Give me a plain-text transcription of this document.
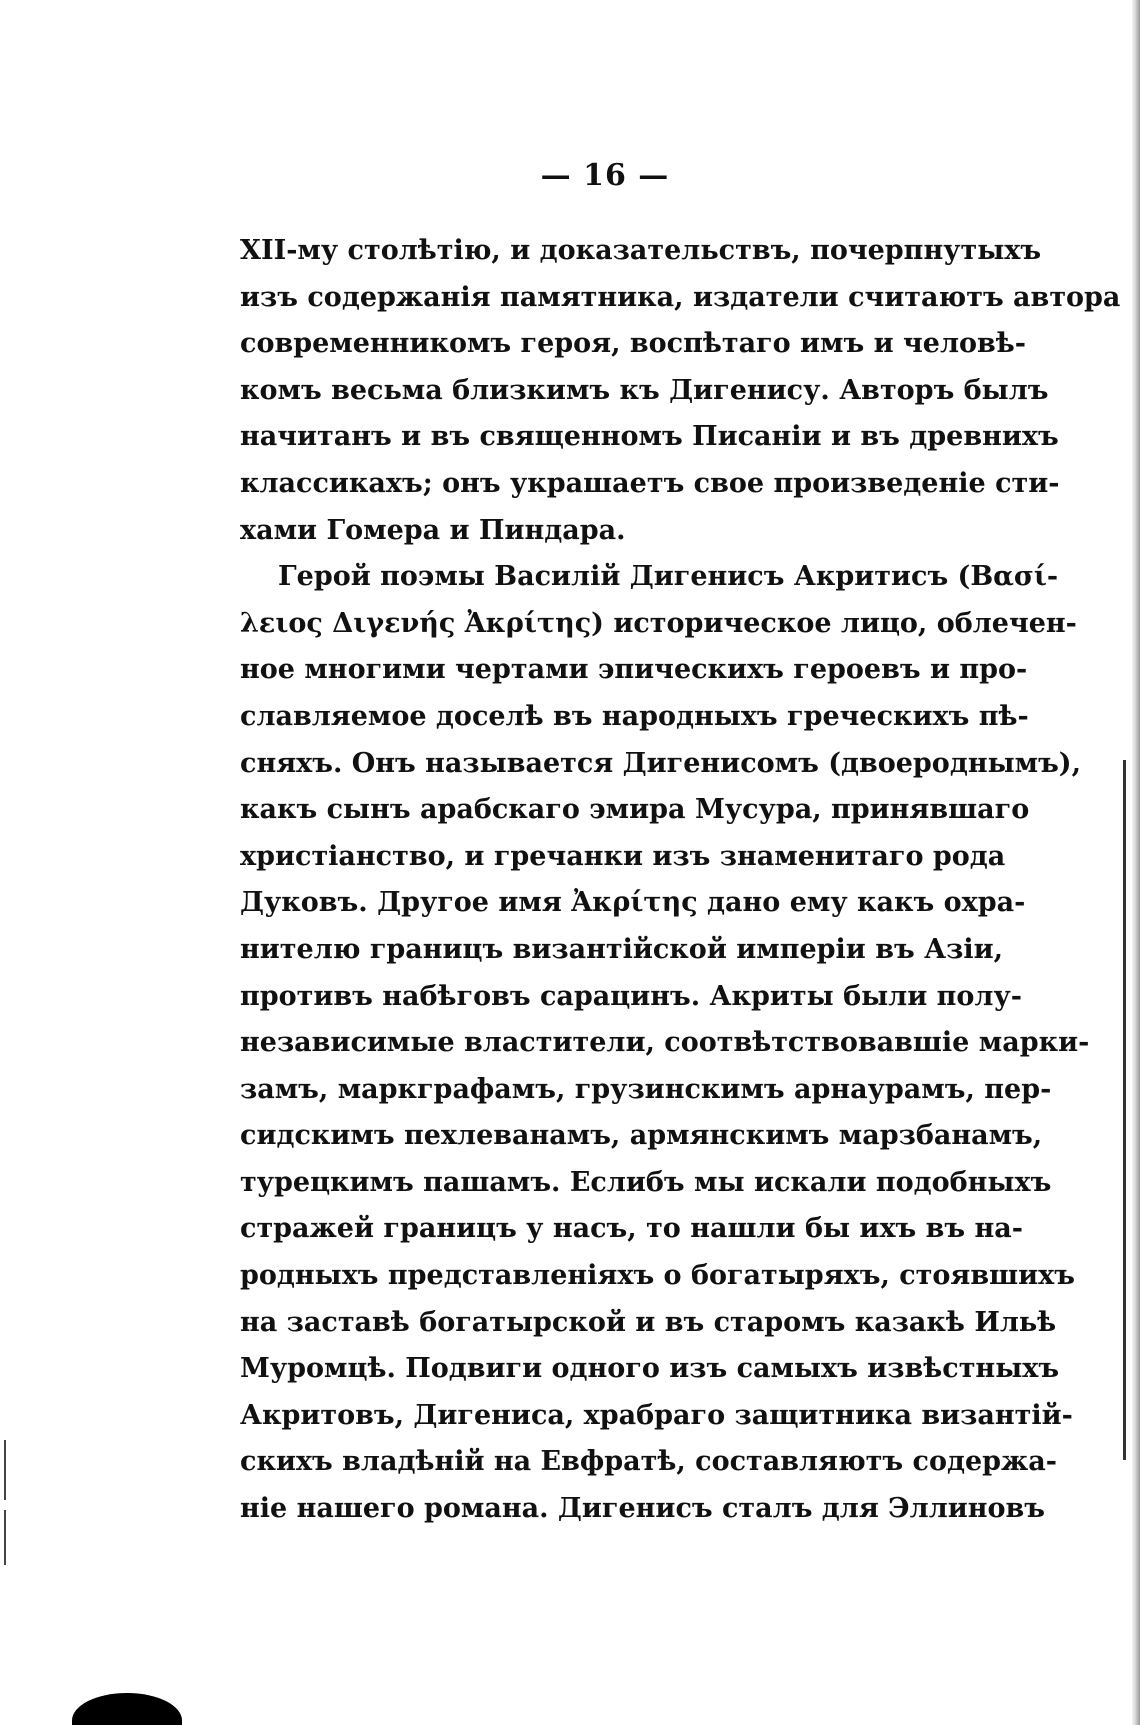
— 16 —
XII-му столѣтію, и доказательствъ, почерпнутыхъ
изъ содержанія памятника, издатели считаютъ автора
современникомъ героя, воспѣтаго имъ и человѣ-
комъ весьма близкимъ къ Дигенису. Авторъ былъ
начитанъ и въ священномъ Писаніи и въ древнихъ
классикахъ; онъ украшаетъ свое произведеніе сти-
хами Гомера и Пиндара.
Герой поэмы Василій Дигенисъ Акритисъ (Βασί-
λειος Διγενής Ἀκρίτης) историческое лицо, облечен-
ное многими чертами эпическихъ героевъ и про-
славляемое доселѣ въ народныхъ греческихъ пѣ-
сняхъ. Онъ называется Дигенисомъ (двоероднымъ),
какъ сынъ арабскаго эмира Мусура, принявшаго
христіанство, и гречанки изъ знаменитаго рода
Дуковъ. Другое имя Ἀκρίτης дано ему какъ охра-
нителю границъ византійской имперіи въ Азіи,
противъ набѣговъ сарацинъ. Акриты были полу-
независимые властители, соотвѣтствовавшіе марки-
замъ, маркграфамъ, грузинскимъ арнаурамъ, пер-
сидскимъ пехлеванамъ, армянскимъ марзбанамъ,
турецкимъ пашамъ. Еслибъ мы искали подобныхъ
стражей границъ у насъ, то нашли бы ихъ въ на-
родныхъ представленіяхъ о богатыряхъ, стоявшихъ
на заставѣ богатырской и въ старомъ казакѣ Ильѣ
Муромцѣ. Подвиги одного изъ самыхъ извѣстныхъ
Акритовъ, Дигениса, храбраго защитника византій-
скихъ владѣній на Евфратѣ, составляютъ содержа-
ніе нашего романа. Дигенисъ сталъ для Эллиновъ
